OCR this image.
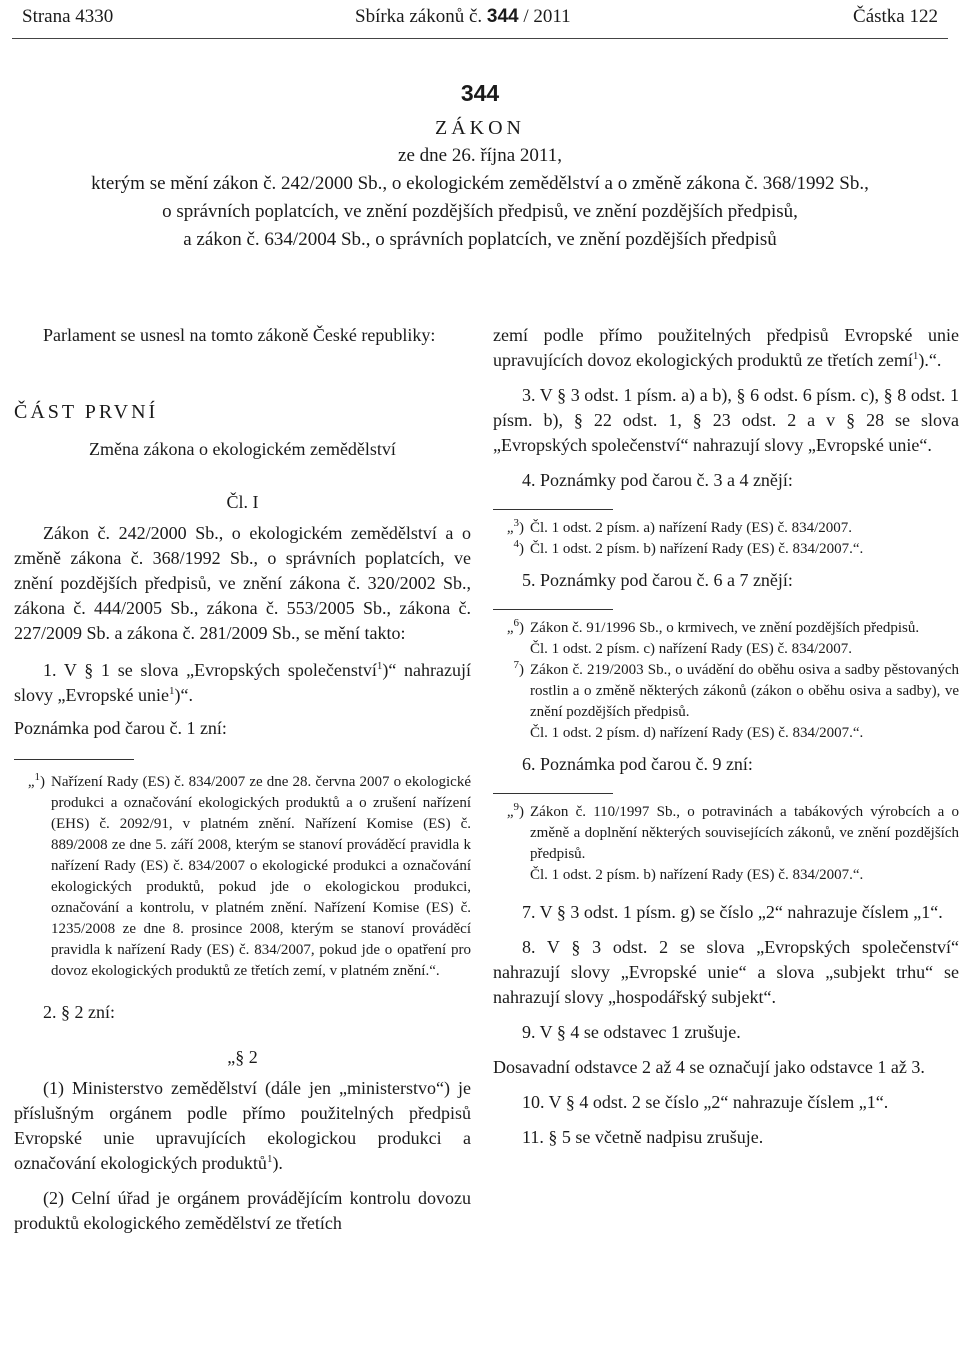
Strana 4330	Sbírka zákonů č. 344 / 2011	Částka 122
344
ZÁKON
ze dne 26. října 2011,
kterým se mění zákon č. 242/2000 Sb., o ekologickém zemědělství a o změně zákona č. 368/1992 Sb.,
o správních poplatcích, ve znění pozdějších předpisů, ve znění pozdějších předpisů,
a zákon č. 634/2004 Sb., o správních poplatcích, ve znění pozdějších předpisů

Parlament se usnesl na tomto zákoně České republiky:

ČÁST PRVNÍ

Změna zákona o ekologickém zemědělství

Čl. I

Zákon č. 242/2000 Sb., o ekologickém zemědělství a o změně zákona č. 368/1992 Sb., o správních poplatcích, ve znění pozdějších předpisů, ve znění zákona č. 320/2002 Sb., zákona č. 444/2005 Sb., zákona č. 553/2005 Sb., zákona č. 227/2009 Sb. a zákona č. 281/2009 Sb., se mění takto:

1. V § 1 se slova „Evropských společenství$^1$)“ nahrazují slovy „Evropské unie$^1$)“.

Poznámka pod čarou č. 1 zní:

„$^1$) Nařízení Rady (ES) č. 834/2007 ze dne 28. června 2007 o ekologické produkci a označování ekologických produktů a o zrušení nařízení (EHS) č. 2092/91, v platném znění. Nařízení Komise (ES) č. 889/2008 ze dne 5. září 2008, kterým se stanoví prováděcí pravidla k nařízení Rady (ES) č. 834/2007 o ekologické produkci a označování ekologických produktů, pokud jde o ekologickou produkci, označování a kontrolu, v platném znění. Nařízení Komise (ES) č. 1235/2008 ze dne 8. prosince 2008, kterým se stanoví prováděcí pravidla k nařízení Rady (ES) č. 834/2007, pokud jde o opatření pro dovoz ekologických produktů ze třetích zemí, v platném znění.“.

2. § 2 zní:

„§ 2

(1) Ministerstvo zemědělství (dále jen „ministerstvo“) je příslušným orgánem podle přímo použitelných předpisů Evropské unie upravujících ekologickou produkci a označování ekologických produktů$^1$).

(2) Celní úřad je orgánem provádějícím kontrolu dovozu produktů ekologického zemědělství ze třetích

zemí podle přímo použitelných předpisů Evropské unie upravujících dovoz ekologických produktů ze třetích zemí$^1$).“.

3. V § 3 odst. 1 písm. a) a b), § 6 odst. 6 písm. c), § 8 odst. 1 písm. b), § 22 odst. 1, § 23 odst. 2 a v § 28 se slova „Evropských společenství“ nahrazují slovy „Evropské unie“.

4. Poznámky pod čarou č. 3 a 4 znějí:

„$^3$) Čl. 1 odst. 2 písm. a) nařízení Rady (ES) č. 834/2007.
$^4$) Čl. 1 odst. 2 písm. b) nařízení Rady (ES) č. 834/2007.“.

5. Poznámky pod čarou č. 6 a 7 znějí:

„$^6$) Zákon č. 91/1996 Sb., o krmivech, ve znění pozdějších předpisů.
Čl. 1 odst. 2 písm. c) nařízení Rady (ES) č. 834/2007.
$^7$) Zákon č. 219/2003 Sb., o uvádění do oběhu osiva a sadby pěstovaných rostlin a o změně některých zákonů (zákon o oběhu osiva a sadby), ve znění pozdějších předpisů.
Čl. 1 odst. 2 písm. d) nařízení Rady (ES) č. 834/2007.“.

6. Poznámka pod čarou č. 9 zní:

„$^9$) Zákon č. 110/1997 Sb., o potravinách a tabákových výrobcích a o změně a doplnění některých souvisejících zákonů, ve znění pozdějších předpisů.
Čl. 1 odst. 2 písm. b) nařízení Rady (ES) č. 834/2007.“.

7. V § 3 odst. 1 písm. g) se číslo „2“ nahrazuje číslem „1“.

8. V § 3 odst. 2 se slova „Evropských společenství“ nahrazují slovy „Evropské unie“ a slova „subjekt trhu“ se nahrazují slovy „hospodářský subjekt“.

9. V § 4 se odstavec 1 zrušuje.

Dosavadní odstavce 2 až 4 se označují jako odstavce 1 až 3.

10. V § 4 odst. 2 se číslo „2“ nahrazuje číslem „1“.

11. § 5 se včetně nadpisu zrušuje.
